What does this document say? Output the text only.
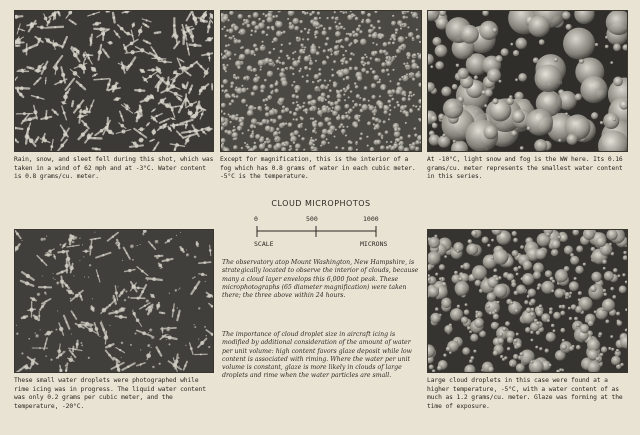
Rain, snow, and sleet fell during this shot, which was taken in a wind of 62 mph and at -3°C. Water content is 0.8 grams/cu. meter.
Except for magnification, this is the interior of a fog which has 0.8 grams of water in each cubic meter. -5°C is the temperature.
At -10°C, light snow and fog is the WW here. Its 0.16 grams/cu. meter represents the smallest water content in this series.
These small water droplets were photographed while rime icing was in progress. The liquid water content was only 0.2 grams per cubic meter, and the temperature, -20°C.
CLOUD MICROPHOTOS
0	500	1000
SCALE	MICRONS
The observatory atop Mount Washington, New Hampshire, is strategically located to observe the interior of clouds, because many a cloud layer envelops this 6,000 foot peak. These microphotographs (65 diameter magnification) were taken there; the three above within 24 hours.
The importance of cloud droplet size in aircraft icing is modified by additional consideration of the amount of water per unit volume: high content favors glaze deposit while low content is associated with riming. Where the water per unit volume is constant, glaze is more likely in clouds of large droplets and rime when the water particles are small.
Large cloud droplets in this case were found at a higher temperature, -5°C, with a water content of as much as 1.2 grams/cu. meter. Glaze was forming at the time of exposure.
